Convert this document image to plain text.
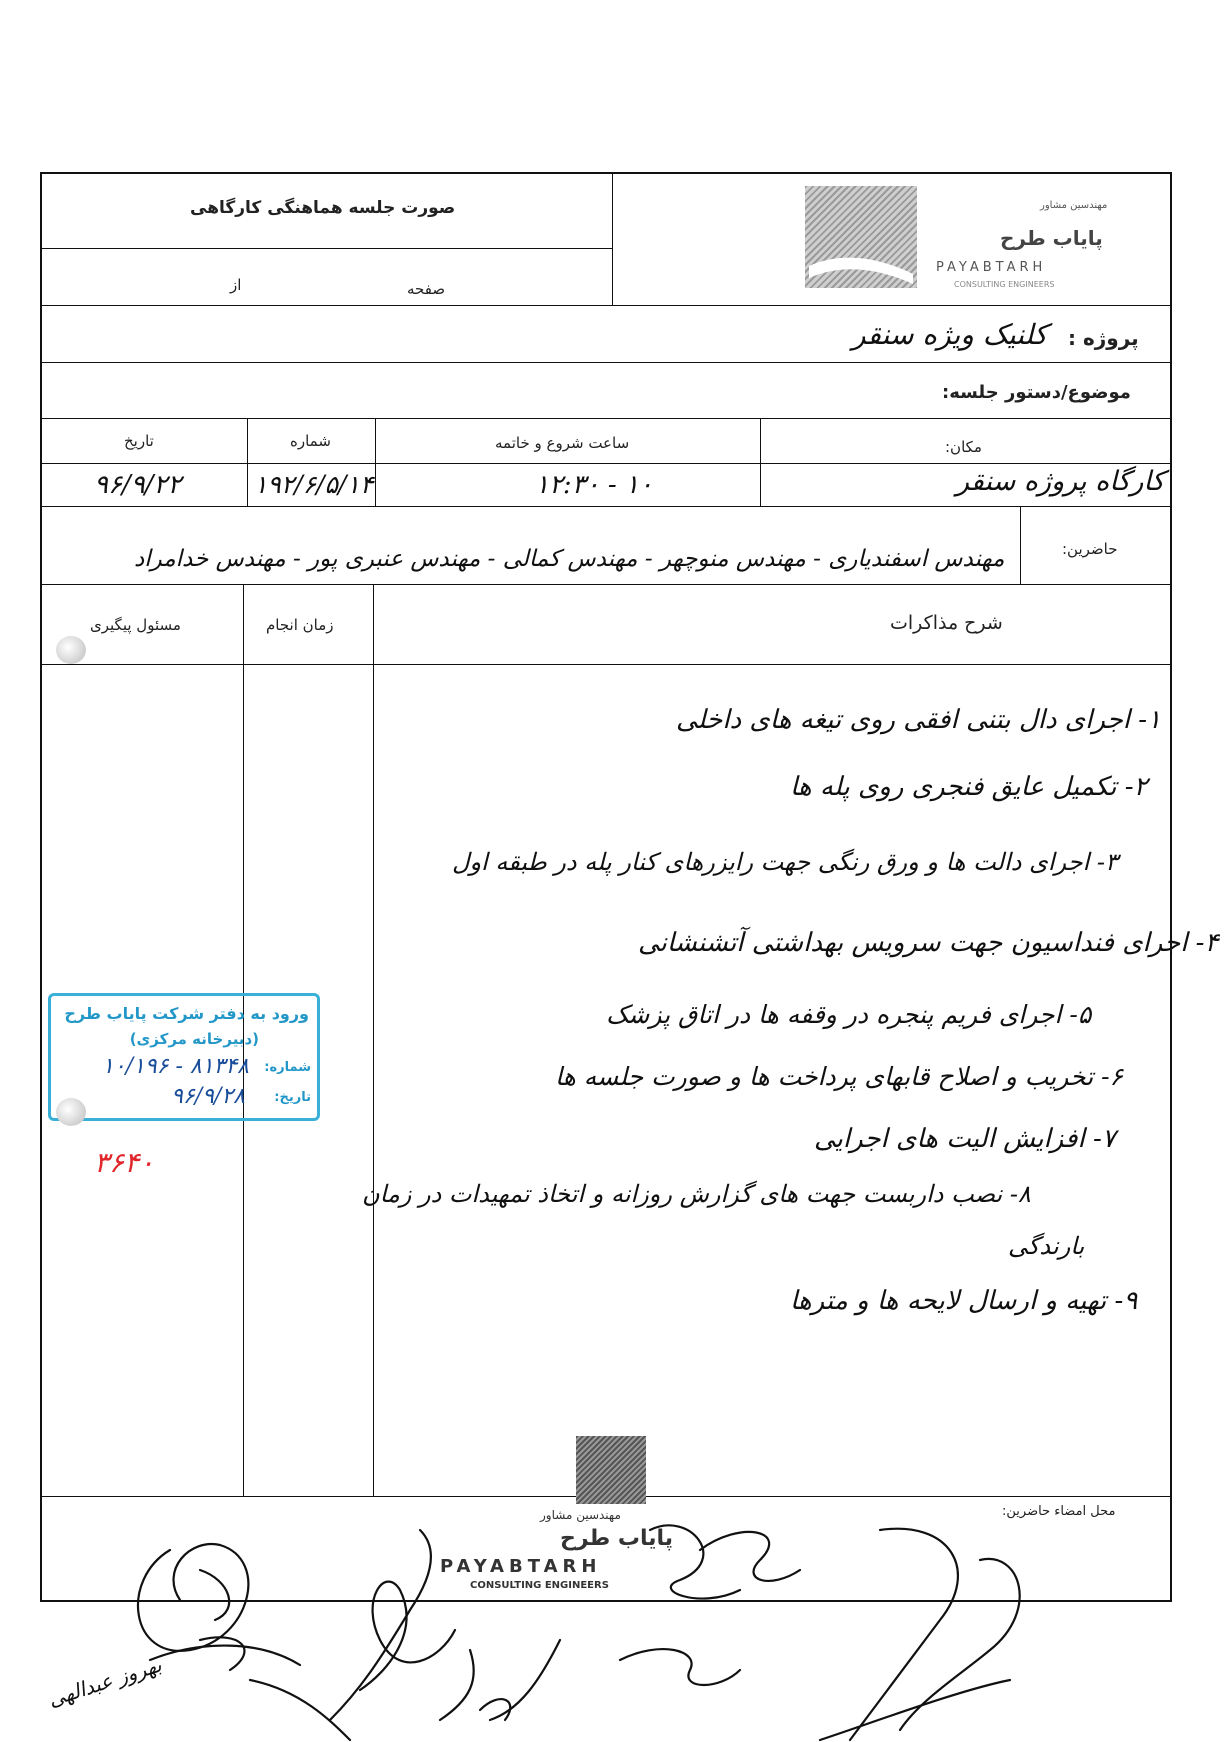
صورت جلسه هماهنگی کارگاهی
صفحه
از
مهندسین مشاور
پایاب طرح
PAYABTARH
CONSULTING ENGINEERS
پروژه :
کلنیک ویژه سنقر
موضوع/دستور جلسه:
مکان:
ساعت شروع و خاتمه
شماره
تاریخ
کارگاه پروژه سنقر
۱۰ - ۱۲:۳۰
۱۹۲/۶/۵/۱۴
۹۶/۹/۲۲
حاضرین:
مهندس اسفندیاری - مهندس منوچهر - مهندس کمالی - مهندس عنبری پور - مهندس خدامراد
شرح مذاکرات
زمان انجام
مسئول پیگیری
۱- اجرای دال بتنی افقی روی تیغه های داخلی
۲- تکمیل عایق فنجری روی پله ها
۳- اجرای دالت ها و ورق رنگی جهت رایزرهای کنار پله در طبقه اول
۴- اجرای فنداسیون جهت سرویس بهداشتی آتشنشانی
۵- اجرای فریم پنجره در وقفه ها در اتاق پزشک
۶- تخریب و اصلاح قابهای پرداخت ها و صورت جلسه ها
۷- افزایش الیت های اجرایی
۸- نصب داربست جهت های گزارش روزانه و اتخاذ تمهیدات در زمان
بارندگی
۹- تهیه و ارسال لایحه ها و مترها
ورود به دفتر شرکت پایاب طرح
(دبیرخانه مرکزی)
شماره:
۸۱۳۴۸ - ۱۰/۱۹۶
تاریخ:
۹۶/۹/۲۸
۳۶۴۰
محل امضاء حاضرین:
مهندسین مشاور
پایاب طرح
PAYABTARH
CONSULTING ENGINEERS
بهروز عبدالهی
